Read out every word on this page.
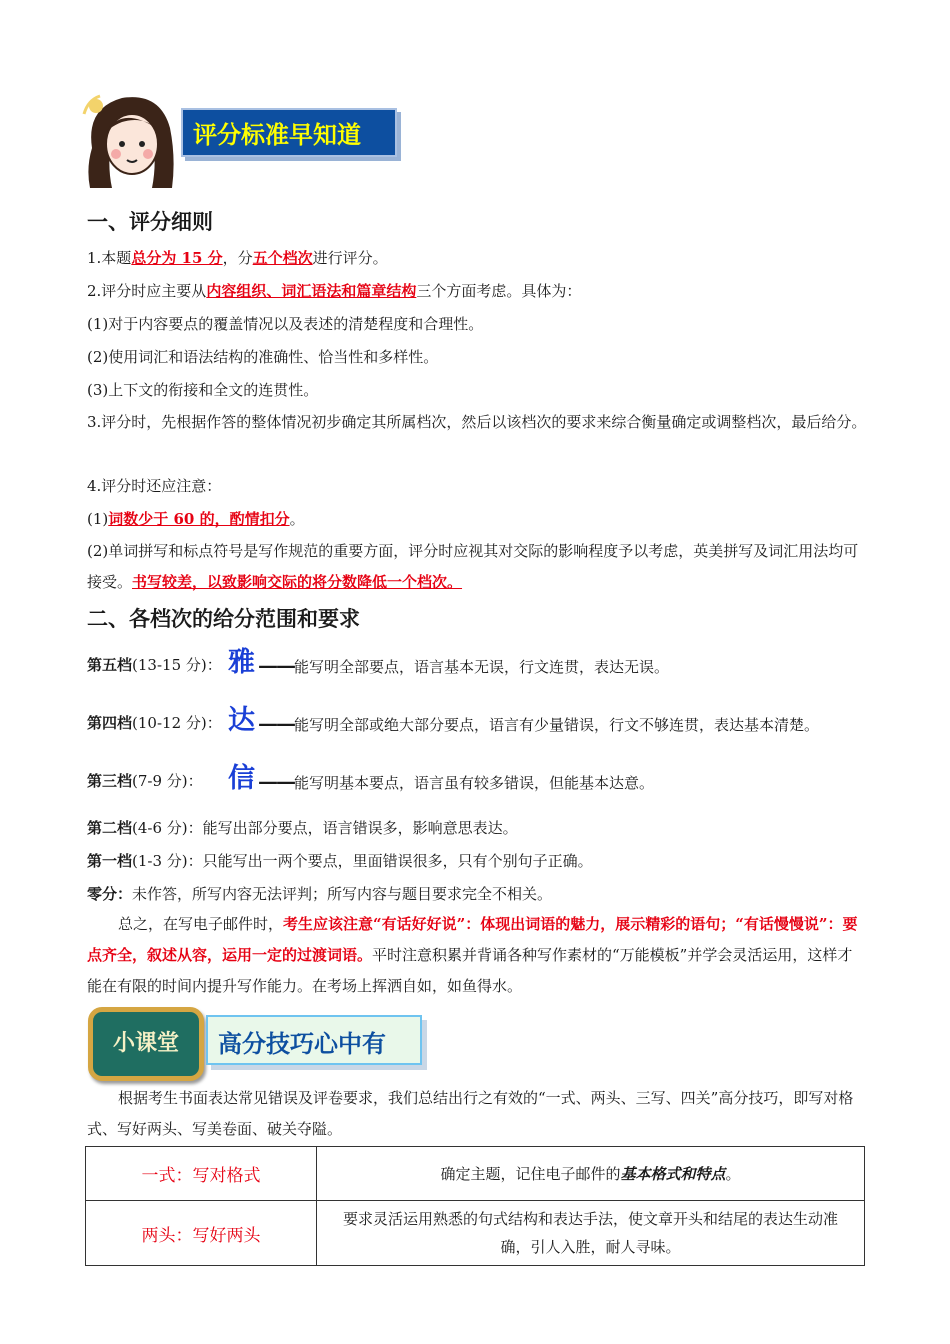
评分标准早知道
一、评分细则
1.本题总分为 15 分，分五个档次进行评分。
2.评分时应主要从内容组织、词汇语法和篇章结构三个方面考虑。具体为：
(1)对于内容要点的覆盖情况以及表述的清楚程度和合理性。
(2)使用词汇和语法结构的准确性、恰当性和多样性。
(3)上下文的衔接和全文的连贯性。
3.评分时，先根据作答的整体情况初步确定其所属档次，然后以该档次的要求来综合衡量确定或调整档次，最后给分。
4.评分时还应注意：
(1)词数少于 60 的，酌情扣分。
(2)单词拼写和标点符号是写作规范的重要方面，评分时应视其对交际的影响程度予以考虑，英美拼写及词汇用法均可接受。书写较差，以致影响交际的将分数降低一个档次。
二、各档次的给分范围和要求
第五档(13-15 分)： 雅 ——能写明全部要点，语言基本无误，行文连贯，表达无误。
第四档(10-12 分)： 达 ——能写明全部或绝大部分要点，语言有少量错误，行文不够连贯，表达基本清楚。
第三档(7-9 分)： 信 ——能写明基本要点，语言虽有较多错误，但能基本达意。
第二档(4-6 分)：能写出部分要点，语言错误多，影响意思表达。
第一档(1-3 分)：只能写出一两个要点，里面错误很多，只有个别句子正确。
零分：未作答，所写内容无法评判；所写内容与题目要求完全不相关。
总之，在写电子邮件时，考生应该注意“有话好好说”：体现出词语的魅力，展示精彩的语句；“有话慢慢说”：要点齐全，叙述从容，运用一定的过渡词语。平时注意积累并背诵各种写作素材的“万能模板”并学会灵活运用，这样才能在有限的时间内提升写作能力。在考场上挥洒自如，如鱼得水。
小课堂	高分技巧心中有
根据考生书面表达常见错误及评卷要求，我们总结出行之有效的“一式、两头、三写、四关”高分技巧，即写对格式、写好两头、写美卷面、破关夺隘。
一式：写对格式	确定主题，记住电子邮件的基本格式和特点。
两头：写好两头	要求灵活运用熟悉的句式结构和表达手法，使文章开头和结尾的表达生动准确，引人入胜，耐人寻味。
